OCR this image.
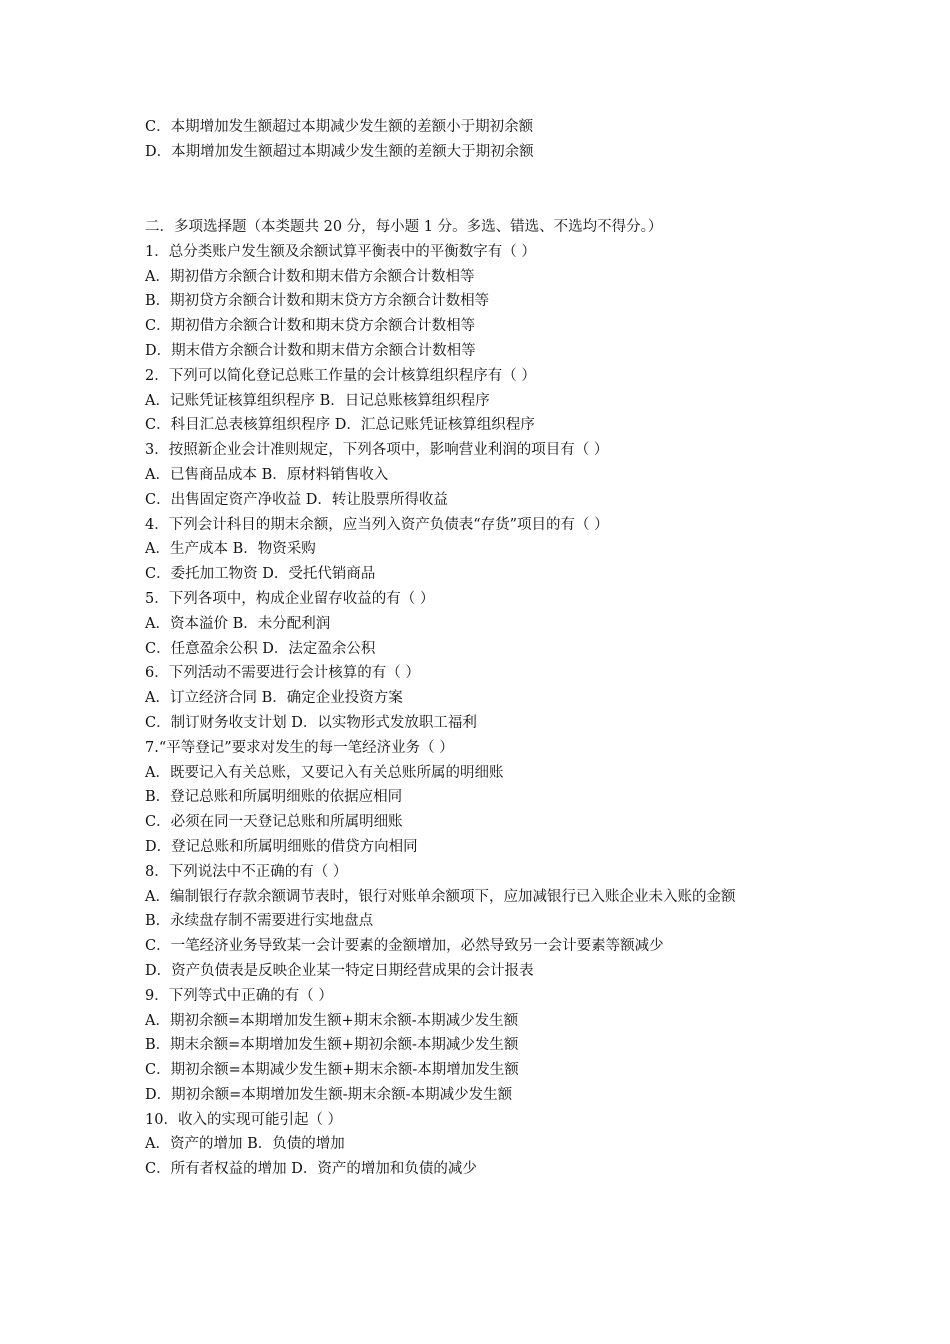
C．本期增加发生额超过本期减少发生额的差额小于期初余额
D．本期增加发生额超过本期减少发生额的差额大于期初余额
二．多项选择题（本类题共 20 分，每小题 1 分。多选、错选、不选均不得分。）
1．总分类账户发生额及余额试算平衡表中的平衡数字有（ ）
A．期初借方余额合计数和期末借方余额合计数相等
B．期初贷方余额合计数和期末贷方方余额合计数相等
C．期初借方余额合计数和期末贷方余额合计数相等
D．期末借方余额合计数和期末借方余额合计数相等
2．下列可以简化登记总账工作量的会计核算组织程序有（ ）
A．记账凭证核算组织程序 B．日记总账核算组织程序
C．科目汇总表核算组织程序 D．汇总记账凭证核算组织程序
3．按照新企业会计准则规定，下列各项中，影响营业利润的项目有（ ）
A．已售商品成本 B．原材料销售收入
C．出售固定资产净收益 D．转让股票所得收益
4．下列会计科目的期末余额，应当列入资产负债表“存货”项目的有（ ）
A．生产成本 B．物资采购
C．委托加工物资 D．受托代销商品
5．下列各项中，构成企业留存收益的有（ ）
A．资本溢价 B．未分配利润
C．任意盈余公积 D．法定盈余公积
6．下列活动不需要进行会计核算的有（ ）
A．订立经济合同 B．确定企业投资方案
C．制订财务收支计划 D．以实物形式发放职工福利
7.“平等登记”要求对发生的每一笔经济业务（ ）
A．既要记入有关总账，又要记入有关总账所属的明细账
B．登记总账和所属明细账的依据应相同
C．必须在同一天登记总账和所属明细账
D．登记总账和所属明细账的借贷方向相同
8．下列说法中不正确的有（ ）
A．编制银行存款余额调节表时，银行对账单余额项下，应加减银行已入账企业未入账的金额
B．永续盘存制不需要进行实地盘点
C．一笔经济业务导致某一会计要素的金额增加，必然导致另一会计要素等额减少
D．资产负债表是反映企业某一特定日期经营成果的会计报表
9．下列等式中正确的有（ ）
A．期初余额=本期增加发生额+期末余额-本期减少发生额
B．期末余额=本期增加发生额+期初余额-本期减少发生额
C．期初余额=本期减少发生额+期末余额-本期增加发生额
D．期初余额=本期增加发生额-期末余额-本期减少发生额
10．收入的实现可能引起（ ）
A．资产的增加 B．负债的增加
C．所有者权益的增加 D．资产的增加和负债的减少
